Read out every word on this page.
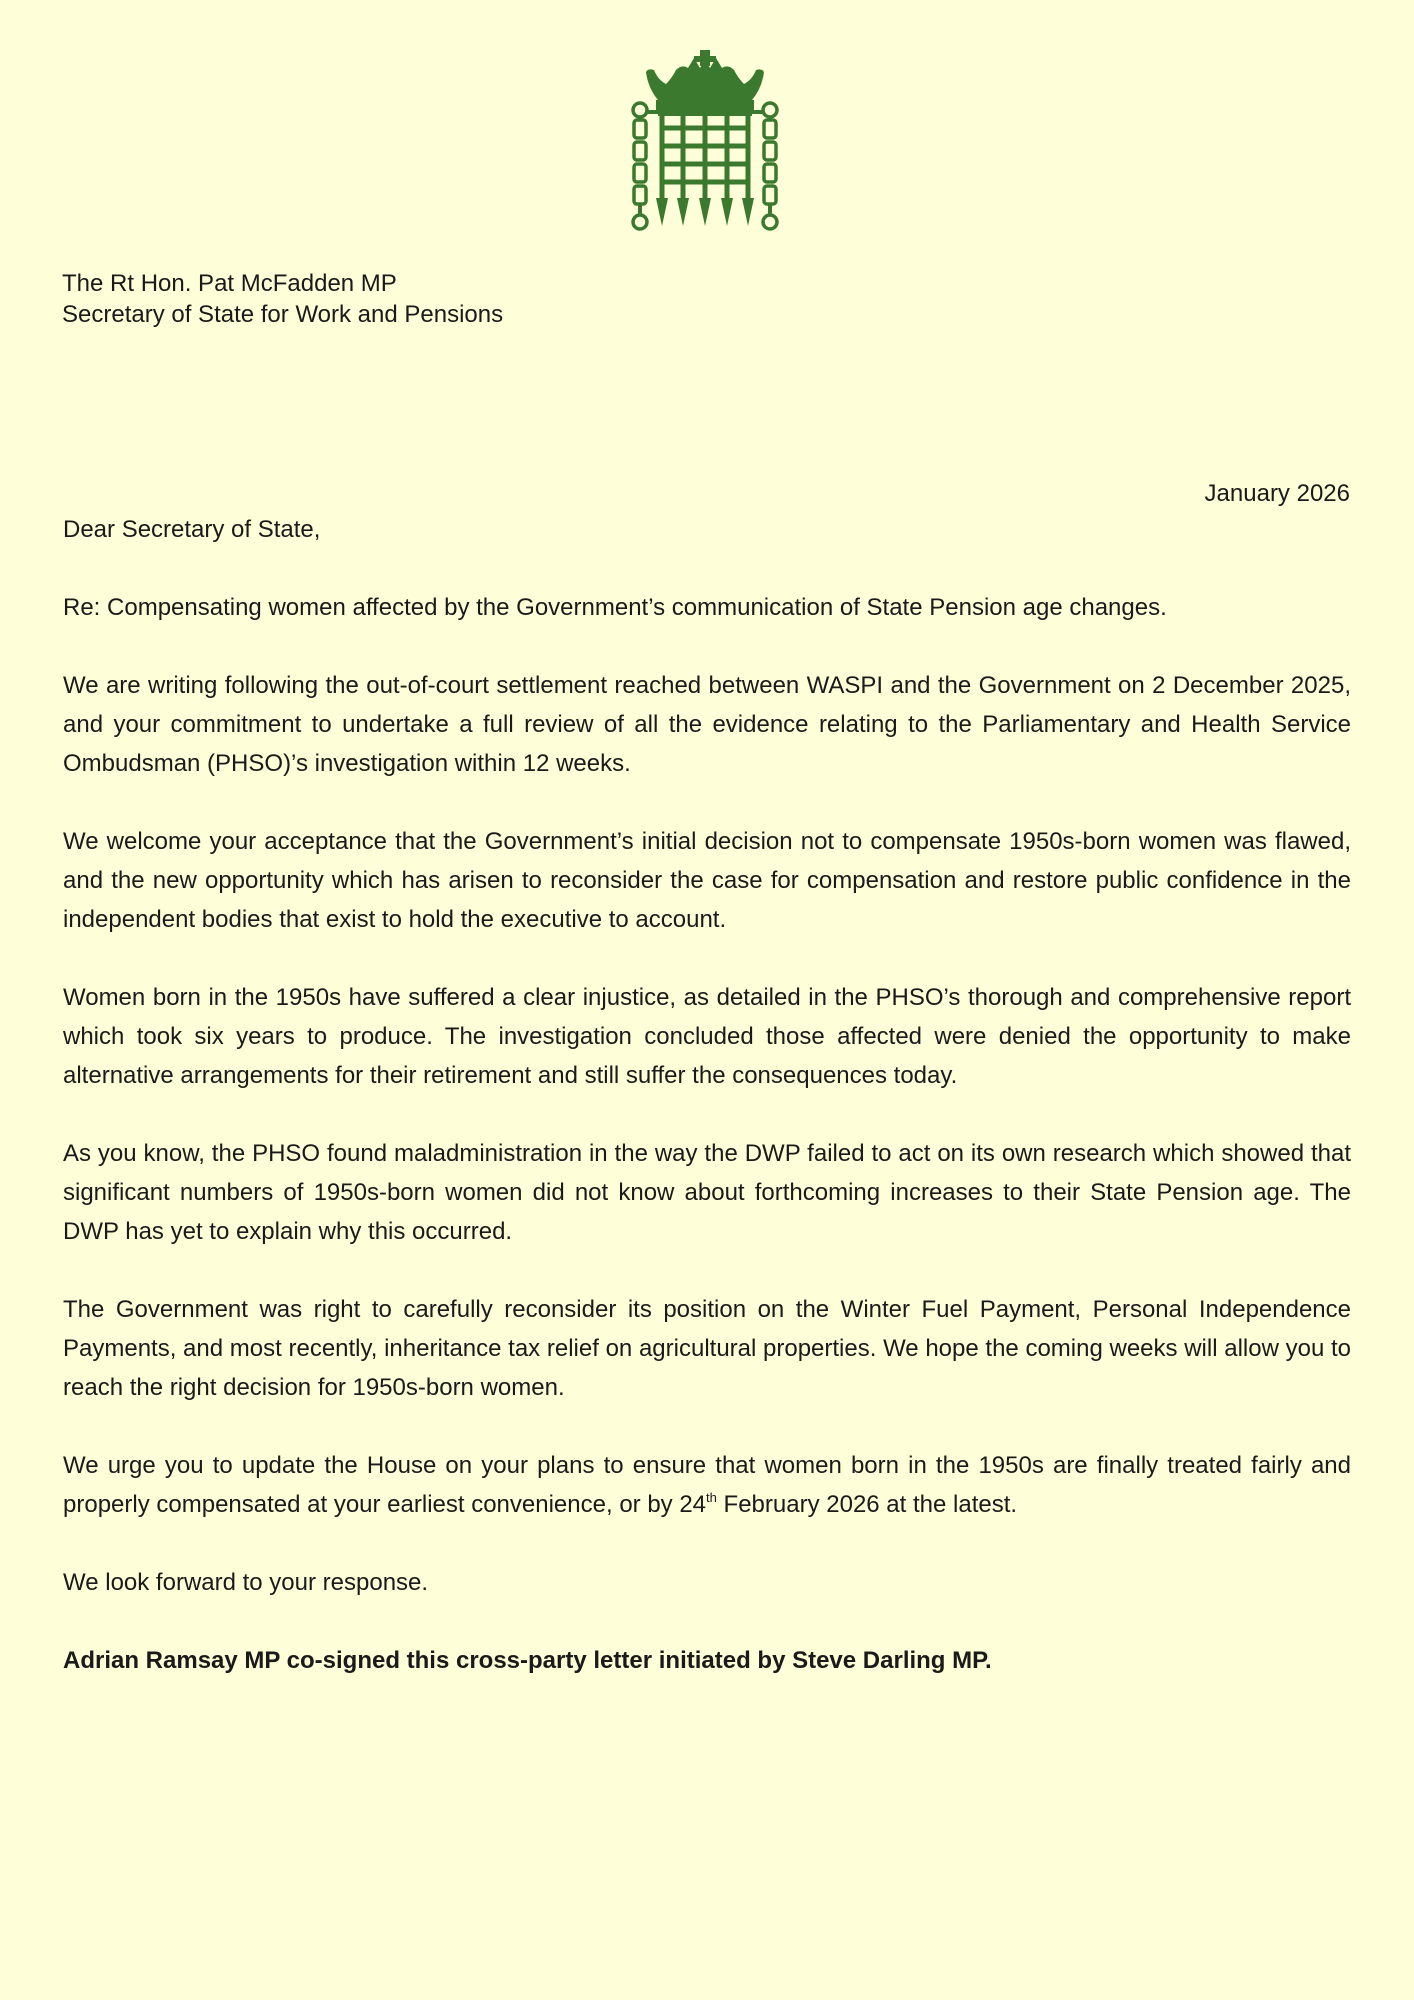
The Rt Hon. Pat McFadden MP
Secretary of State for Work and Pensions
January 2026

Dear Secretary of State,

Re: Compensating women affected by the Government’s communication of State Pension age changes.

We are writing following the out-of-court settlement reached between WASPI and the Government on 2 December 2025, and your commitment to undertake a full review of all the evidence relating to the Parliamentary and Health Service Ombudsman (PHSO)’s investigation within 12 weeks.

We welcome your acceptance that the Government’s initial decision not to compensate 1950s-born women was flawed, and the new opportunity which has arisen to reconsider the case for compensation and restore public confidence in the independent bodies that exist to hold the executive to account.

Women born in the 1950s have suffered a clear injustice, as detailed in the PHSO’s thorough and comprehensive report which took six years to produce. The investigation concluded those affected were denied the opportunity to make alternative arrangements for their retirement and still suffer the consequences today.

As you know, the PHSO found maladministration in the way the DWP failed to act on its own research which showed that significant numbers of 1950s-born women did not know about forthcoming increases to their State Pension age. The DWP has yet to explain why this occurred.

The Government was right to carefully reconsider its position on the Winter Fuel Payment, Personal Independence Payments, and most recently, inheritance tax relief on agricultural properties. We hope the coming weeks will allow you to reach the right decision for 1950s-born women.

We urge you to update the House on your plans to ensure that women born in the 1950s are finally treated fairly and properly compensated at your earliest convenience, or by 24th February 2026 at the latest.

We look forward to your response.

Adrian Ramsay MP co-signed this cross-party letter initiated by Steve Darling MP.
